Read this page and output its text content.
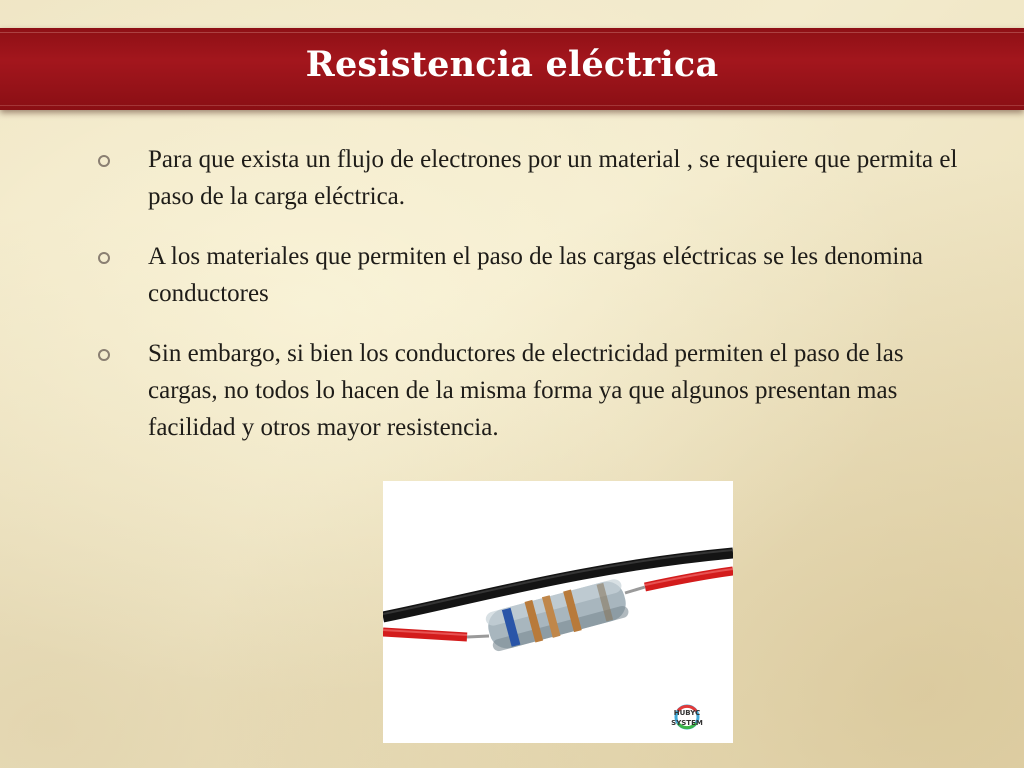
Resistencia eléctrica

Para que exista un flujo de electrones por un material , se requiere que permita el paso de la carga eléctrica.

A los materiales que permiten el paso de las cargas eléctricas se les denomina conductores

Sin embargo, si bien los conductores de electricidad permiten el paso de las cargas, no todos lo hacen de la misma forma ya que algunos presentan mas facilidad y otros mayor resistencia.

HUBYC
SYSTEM
